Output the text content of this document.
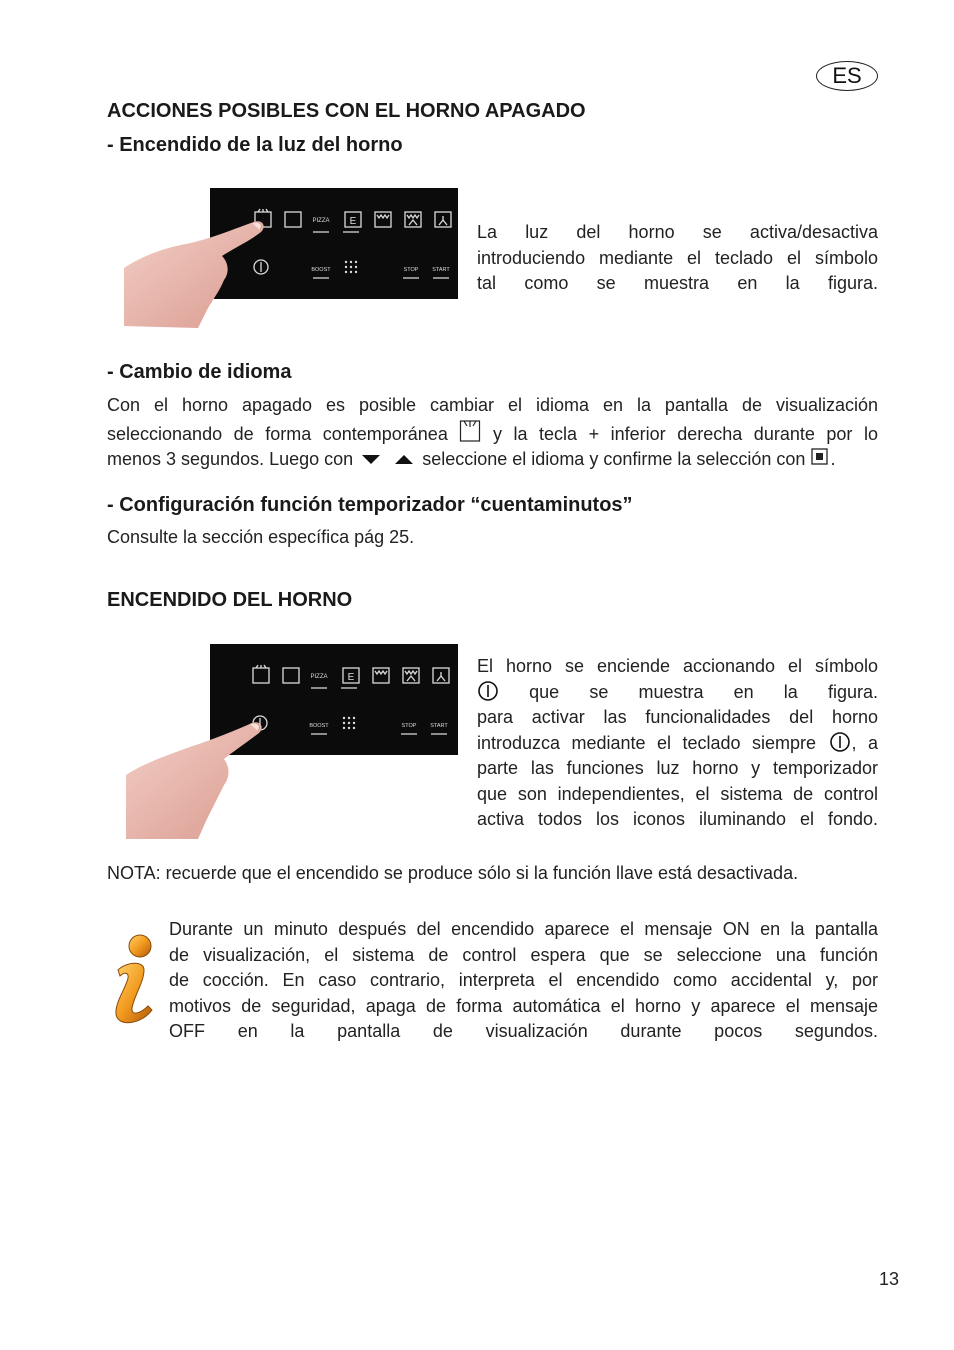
ES
ACCIONES POSIBLES CON EL HORNO APAGADO
- Encendido de la luz del horno
PIZZA E
BOOST	STOP	START
La luz del horno se activa/desactiva
introduciendo mediante el teclado el símbolo
tal como se muestra en la figura.
- Cambio de idioma
Con el horno apagado es posible cambiar el idioma en la pantalla de visualización
seleccionando de forma contemporánea	y la tecla + inferior derecha durante por lo
menos 3 segundos. Luego con	seleccione el idioma y confirme la selección con .
- Configuración función temporizador “cuentaminutos”
Consulte la sección específica pág 25.
ENCENDIDO DEL HORNO
PIZZA E
BOOST	STOP	START
El horno se enciende accionando el símbolo
que se muestra en la figura.
para activar las funcionalidades del horno
introduzca mediante el teclado siempre , a
parte las funciones luz horno y temporizador
que son independientes, el sistema de control
activa todos los iconos iluminando el fondo.
NOTA: recuerde que el encendido se produce sólo si la función llave está desactivada.
Durante un minuto después del encendido aparece el mensaje ON en la pantalla
de visualización, el sistema de control espera que se seleccione una función
de cocción. En caso contrario, interpreta el encendido como accidental y, por
motivos de seguridad, apaga de forma automática el horno y aparece el mensaje
OFF en la pantalla de visualización durante pocos segundos.
13
